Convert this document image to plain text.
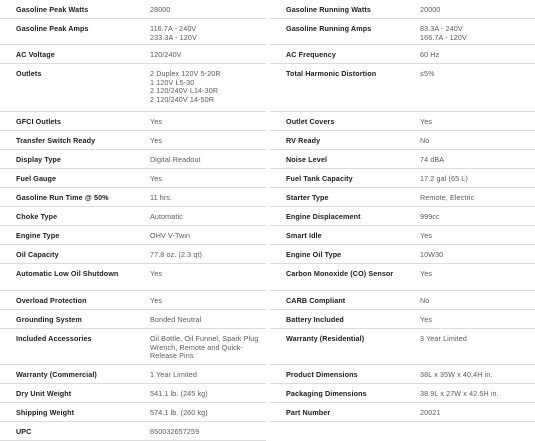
Gasoline Peak Watts	28000
Gasoline Peak Amps	116.7A - 240V
233.3A - 120V
AC Voltage	120/240V
Outlets	2 Duplex 120V 5-20R
1 120V L5-30
2 120/240V L14-30R
2 120/240V 14-50R
GFCI Outlets	Yes
Transfer Switch Ready	Yes
Display Type	Digital Readout
Fuel Gauge	Yes
Gasoline Run Time @ 50%	11 hrs.
Choke Type	Automatic
Engine Type	OHV V-Twin
Oil Capacity	77.8 oz. (2.3 qt)
Automatic Low Oil Shutdown	Yes
Overload Protection	Yes
Grounding System	Bonded Neutral
Included Accessories	Oil Bottle, Oil Funnel, Spark Plug Wrench, Remote and Quick-Release Pins
Warranty (Commercial)	1 Year Limited
Dry Unit Weight	541.1 lb. (245 kg)
Shipping Weight	574.1 lb. (260 kg)
UPC	850032657259
Gasoline Running Watts	20000
Gasoline Running Amps	83.3A - 240V
166.7A - 120V
AC Frequency	60 Hz
Total Harmonic Distortion	≤5%
Outlet Covers	Yes
RV Ready	No
Noise Level	74 dBA
Fuel Tank Capacity	17.2 gal (65 L)
Starter Type	Remote, Electric
Engine Displacement	999cc
Smart Idle	Yes
Engine Oil Type	10W30
Carbon Monoxide (CO) Sensor	Yes
CARB Compliant	No
Battery Included	Yes
Warranty (Residential)	3 Year Limited
Product Dimensions	38L x 35W x 40.4H in.
Packaging Dimensions	38.9L x 27W x 42.5H in.
Part Number	20021
